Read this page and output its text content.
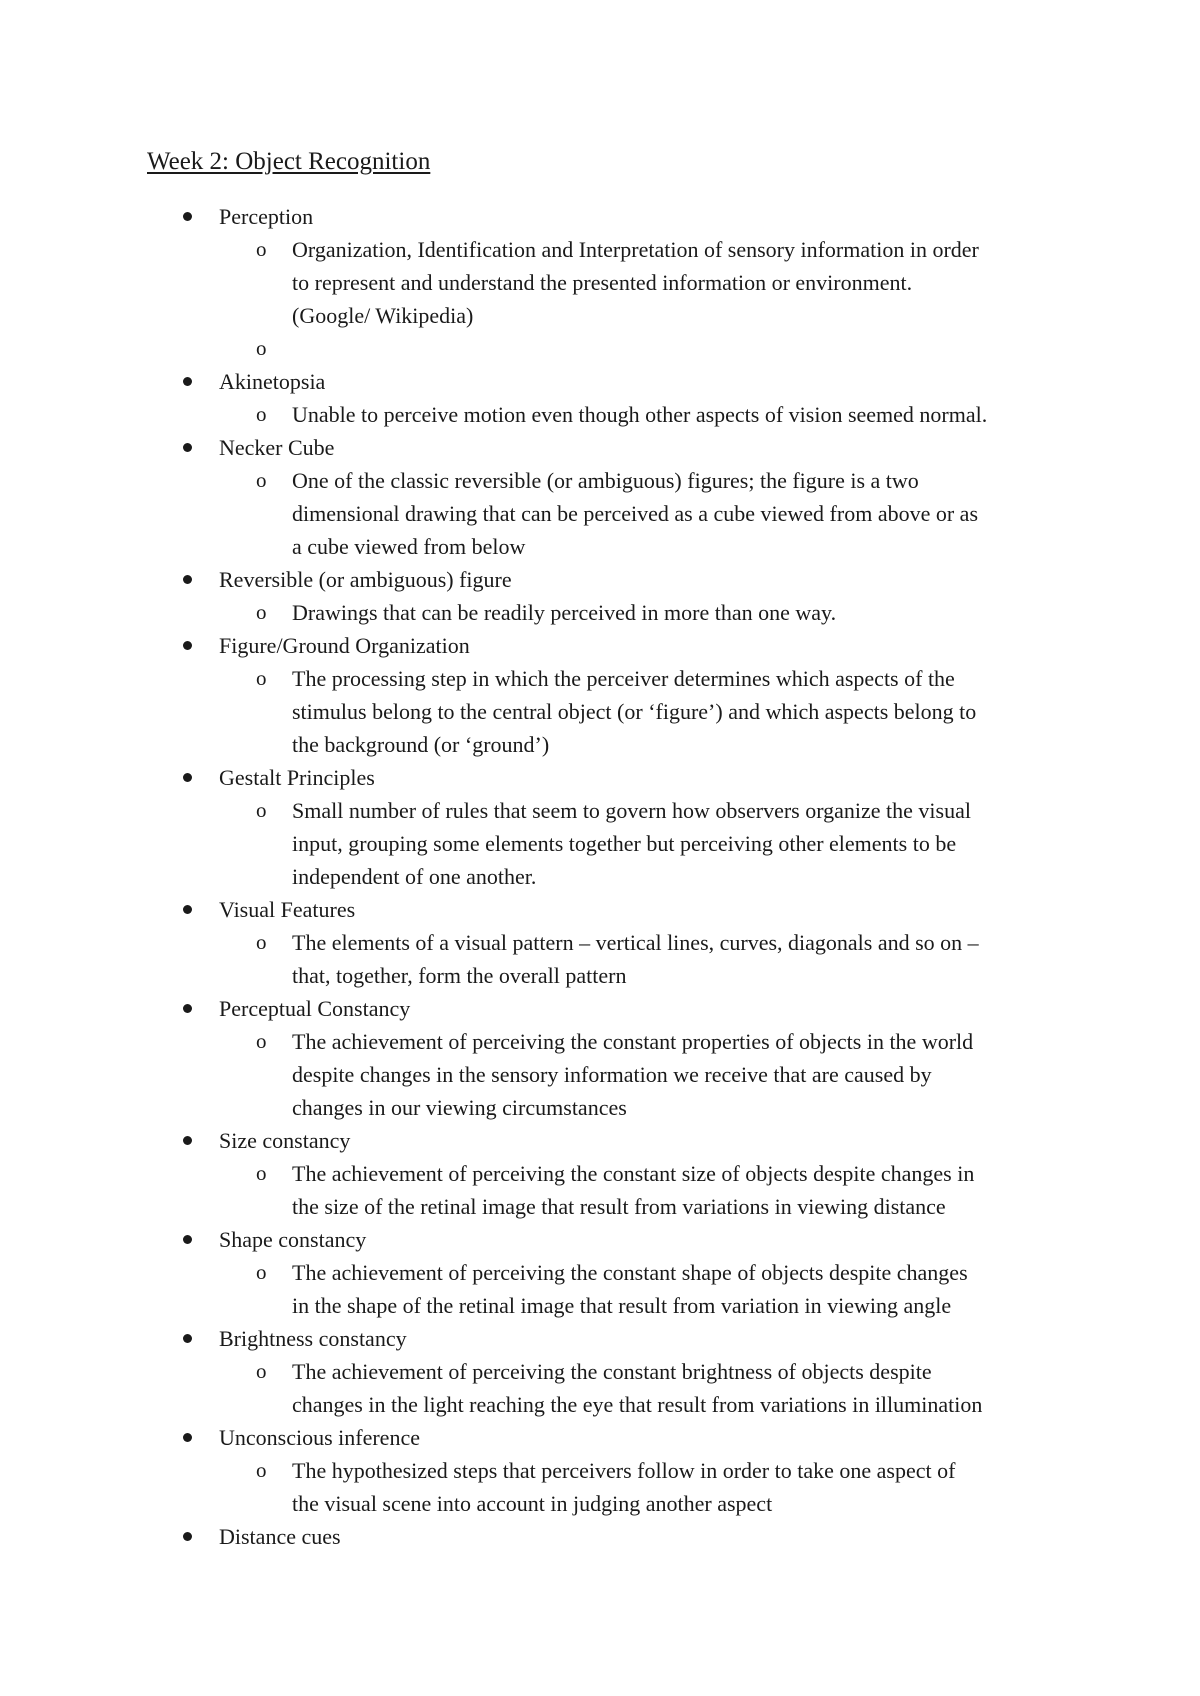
Week 2: Object Recognition
Perception
o Organization, Identification and Interpretation of sensory information in order
to represent and understand the presented information or environment.
(Google/ Wikipedia)
o
Akinetopsia
o Unable to perceive motion even though other aspects of vision seemed normal.
Necker Cube
o One of the classic reversible (or ambiguous) figures; the figure is a two
dimensional drawing that can be perceived as a cube viewed from above or as
a cube viewed from below
Reversible (or ambiguous) figure
o Drawings that can be readily perceived in more than one way.
Figure/Ground Organization
o The processing step in which the perceiver determines which aspects of the
stimulus belong to the central object (or ‘figure’) and which aspects belong to
the background (or ‘ground’)
Gestalt Principles
o Small number of rules that seem to govern how observers organize the visual
input, grouping some elements together but perceiving other elements to be
independent of one another.
Visual Features
o The elements of a visual pattern – vertical lines, curves, diagonals and so on –
that, together, form the overall pattern
Perceptual Constancy
o The achievement of perceiving the constant properties of objects in the world
despite changes in the sensory information we receive that are caused by
changes in our viewing circumstances
Size constancy
o The achievement of perceiving the constant size of objects despite changes in
the size of the retinal image that result from variations in viewing distance
Shape constancy
o The achievement of perceiving the constant shape of objects despite changes
in the shape of the retinal image that result from variation in viewing angle
Brightness constancy
o The achievement of perceiving the constant brightness of objects despite
changes in the light reaching the eye that result from variations in illumination
Unconscious inference
o The hypothesized steps that perceivers follow in order to take one aspect of
the visual scene into account in judging another aspect
Distance cues
